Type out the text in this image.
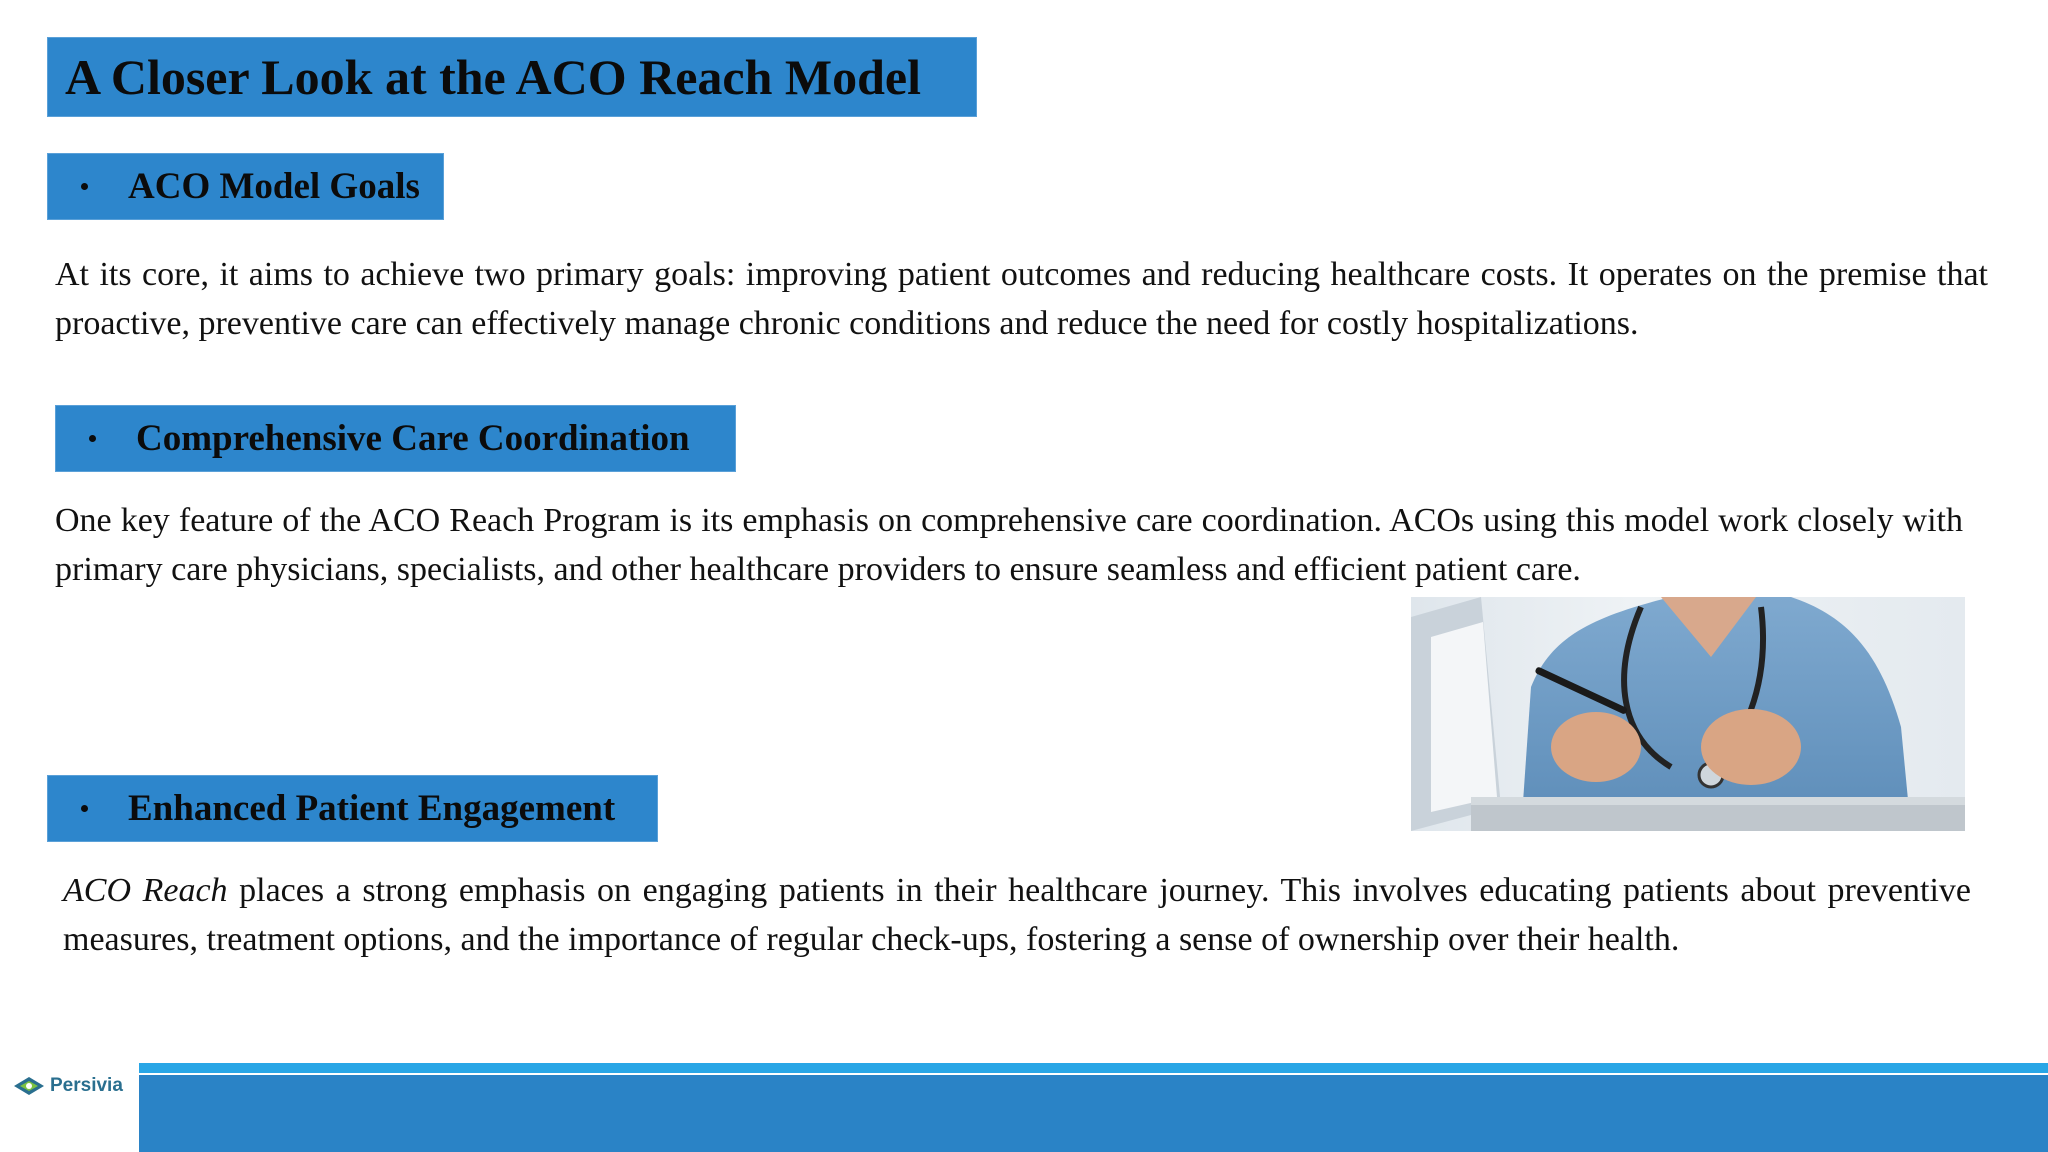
A Closer Look at the ACO Reach Model
ACO Model Goals

At its core, it aims to achieve two primary goals: improving patient outcomes and reducing healthcare costs. It operates on the premise that proactive, preventive care can effectively manage chronic conditions and reduce the need for costly hospitalizations.

Comprehensive Care Coordination

One key feature of the ACO Reach Program is its emphasis on comprehensive care coordination. ACOs using this model work closely with primary care physicians, specialists, and other healthcare providers to ensure seamless and efficient patient care.

Enhanced Patient Engagement

ACO Reach places a strong emphasis on engaging patients in their healthcare journey. This involves educating patients about preventive measures, treatment options, and the importance of regular check-ups, fostering a sense of ownership over their health.

Persivia
